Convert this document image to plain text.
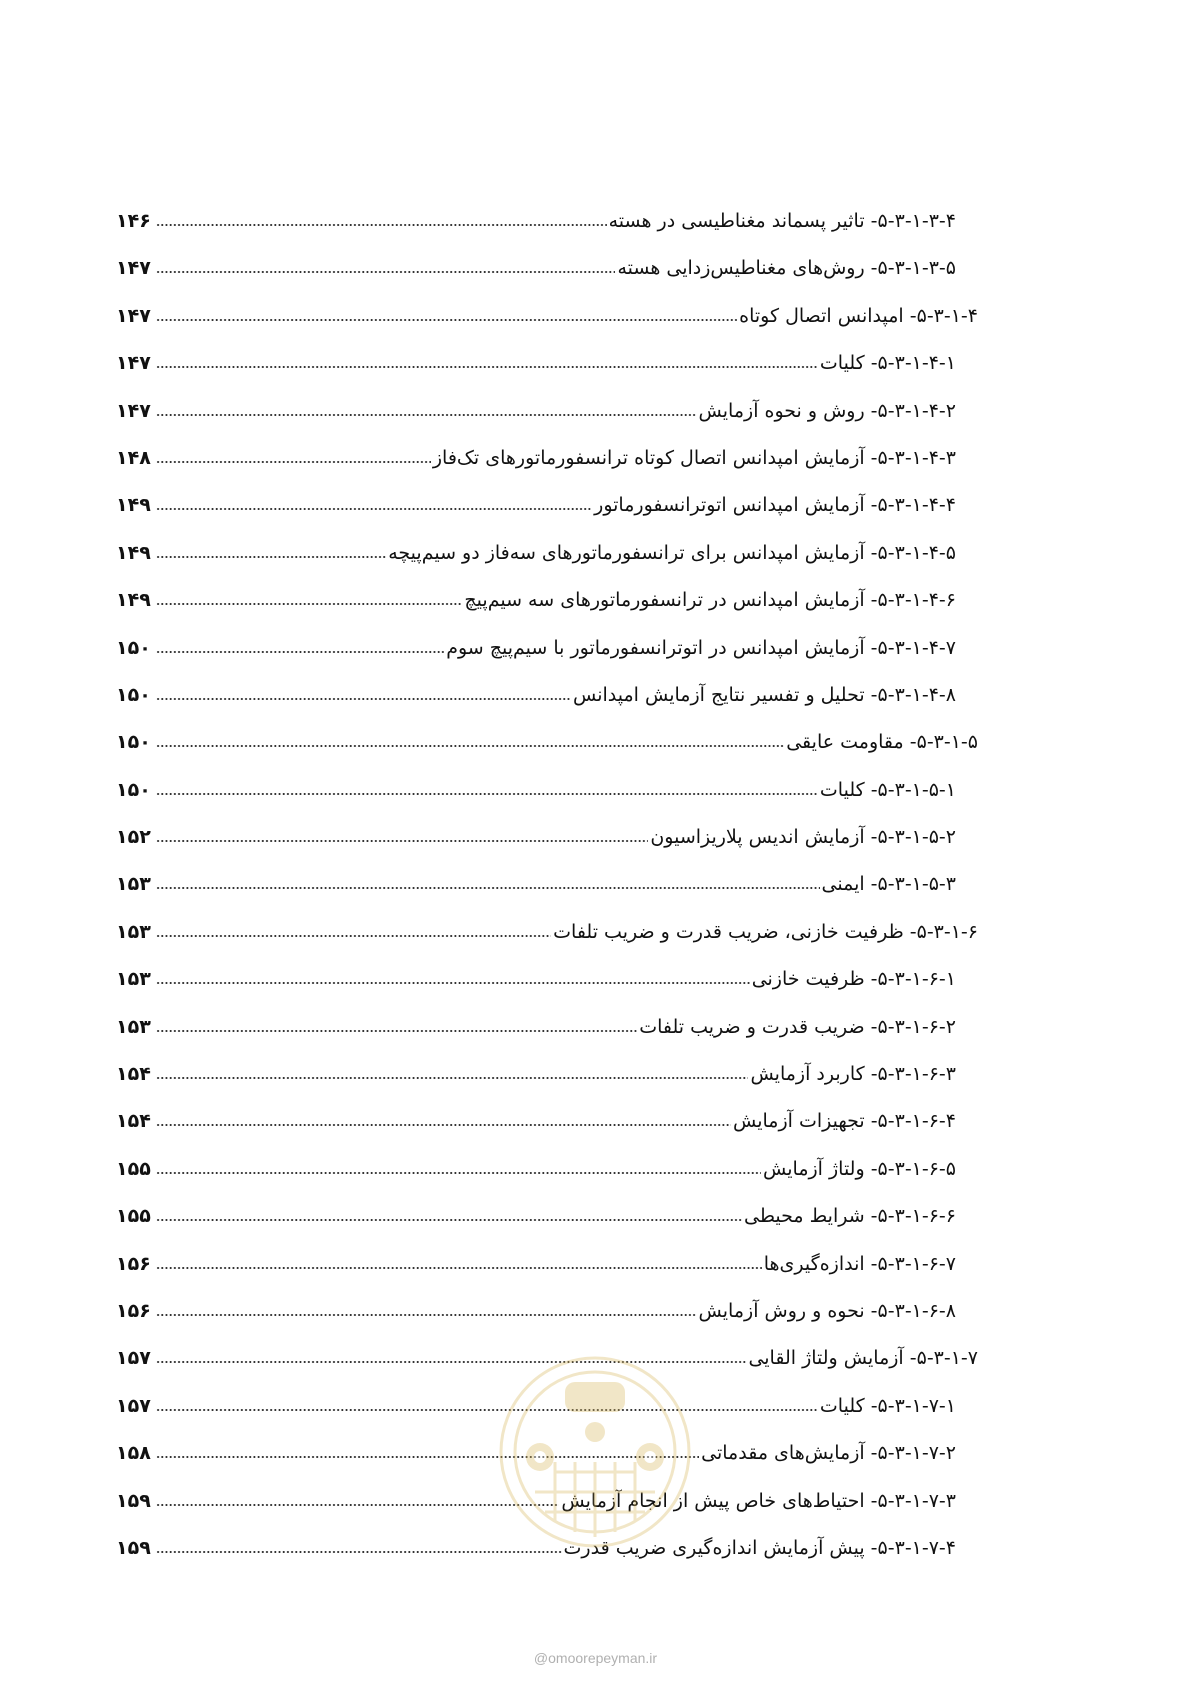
۱۴۶	۵-۳-۱-۳-۴- تاثیر پسماند مغناطیسی در هسته
۱۴۷	۵-۳-۱-۳-۵- روش‌های مغناطیس‌زدایی هسته
۱۴۷	۵-۳-۱-۴- امپدانس اتصال کوتاه
۱۴۷	۵-۳-۱-۴-۱- کلیات
۱۴۷	۵-۳-۱-۴-۲- روش و نحوه آزمایش
۱۴۸	۵-۳-۱-۴-۳- آزمایش امپدانس اتصال کوتاه ترانسفورماتورهای تک‌فاز
۱۴۹	۵-۳-۱-۴-۴- آزمایش امپدانس اتوترانسفورماتور
۱۴۹	۵-۳-۱-۴-۵- آزمایش امپدانس برای ترانسفورماتورهای سه‌فاز دو سیم‌پیچه
۱۴۹	۵-۳-۱-۴-۶- آزمایش امپدانس در ترانسفورماتورهای سه سیم‌پیچ
۱۵۰	۵-۳-۱-۴-۷- آزمایش امپدانس در اتوترانسفورماتور با سیم‌پیچ سوم
۱۵۰	۵-۳-۱-۴-۸- تحلیل و تفسیر نتایج آزمایش امپدانس
۱۵۰	۵-۳-۱-۵- مقاومت عایقی
۱۵۰	۵-۳-۱-۵-۱- کلیات
۱۵۲	۵-۳-۱-۵-۲- آزمایش اندیس پلاریزاسیون
۱۵۳	۵-۳-۱-۵-۳- ایمنی
۱۵۳	۵-۳-۱-۶- ظرفیت خازنی، ضریب قدرت و ضریب تلفات
۱۵۳	۵-۳-۱-۶-۱- ظرفیت خازنی
۱۵۳	۵-۳-۱-۶-۲- ضریب قدرت و ضریب تلفات
۱۵۴	۵-۳-۱-۶-۳- کاربرد آزمایش
۱۵۴	۵-۳-۱-۶-۴- تجهیزات آزمایش
۱۵۵	۵-۳-۱-۶-۵- ولتاژ آزمایش
۱۵۵	۵-۳-۱-۶-۶- شرایط محیطی
۱۵۶	۵-۳-۱-۶-۷- اندازه‌گیری‌ها
۱۵۶	۵-۳-۱-۶-۸- نحوه و روش آزمایش
۱۵۷	۵-۳-۱-۷- آزمایش ولتاژ القایی
۱۵۷	۵-۳-۱-۷-۱- کلیات
۱۵۸	۵-۳-۱-۷-۲- آزمایش‌های مقدماتی
۱۵۹	۵-۳-۱-۷-۳- احتیاط‌های خاص پیش از انجام آزمایش
۱۵۹	۵-۳-۱-۷-۴- پیش آزمایش اندازه‌گیری ضریب قدرت
@omoorepeyman.ir
